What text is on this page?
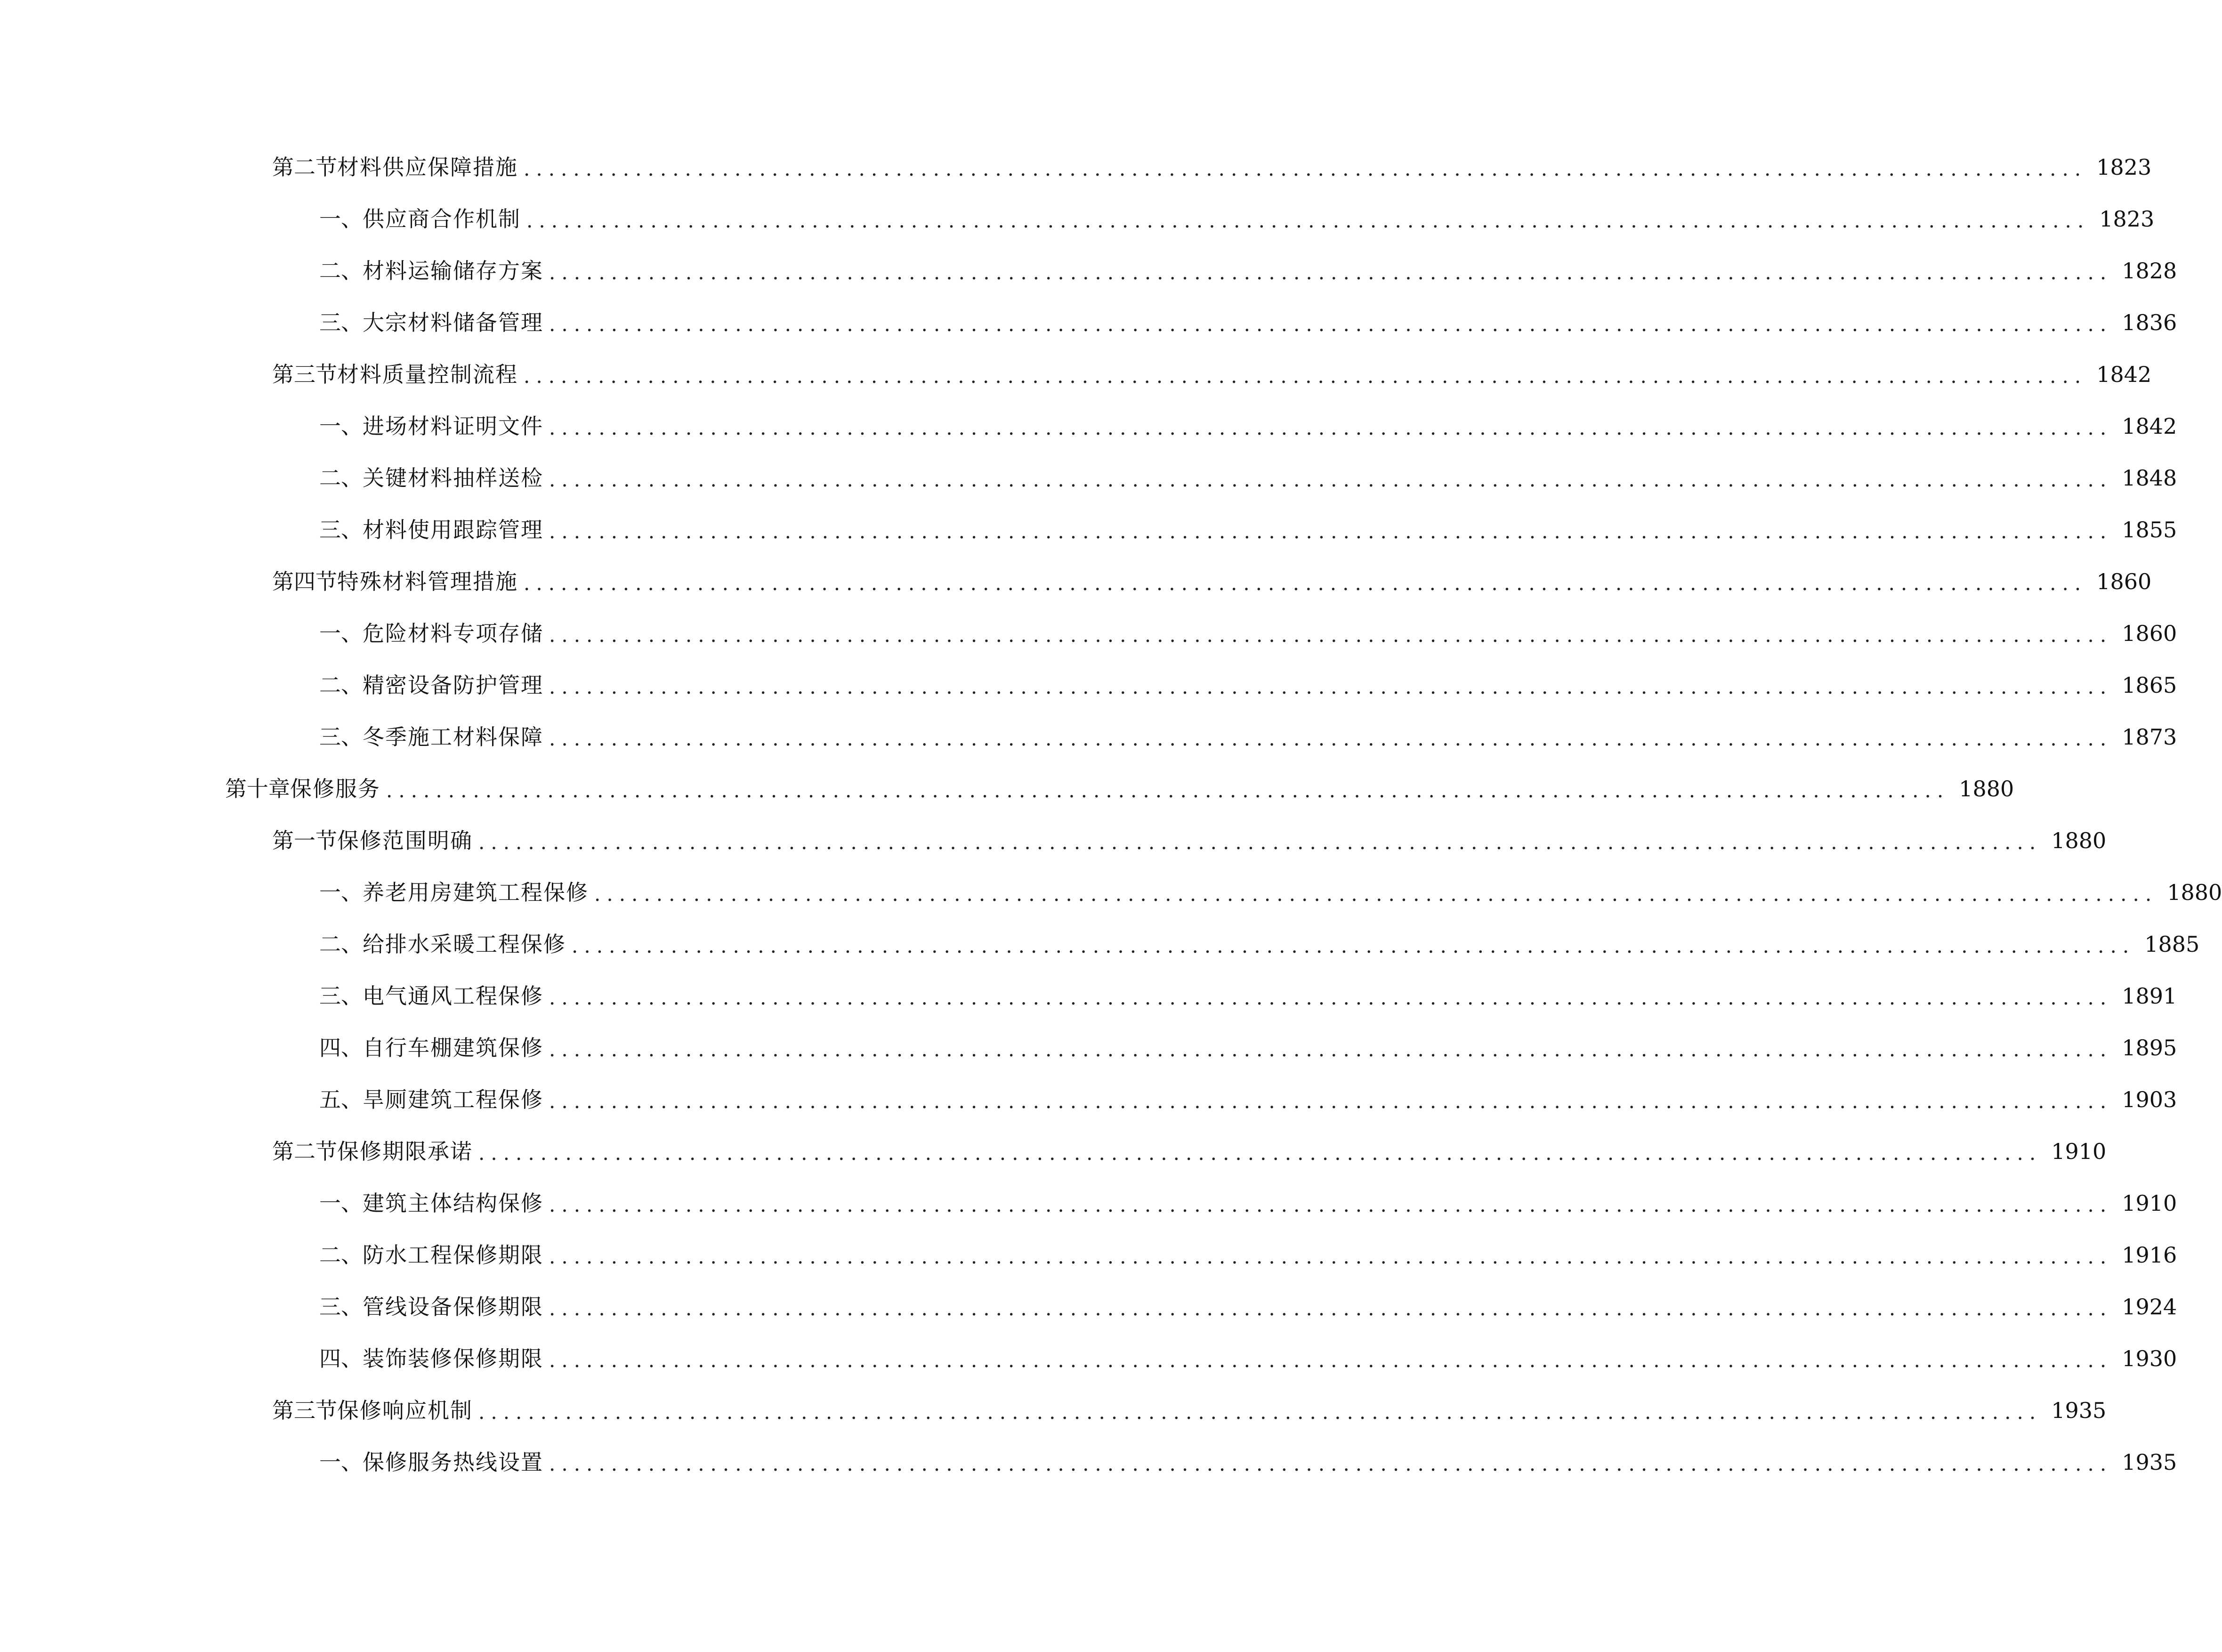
第二节 材料供应保障措施 .............................................................................................................................. 1823
一、 供应商合作机制 .............................................................................................................................. 1823
二、 材料运输储存方案 .............................................................................................................................. 1828
三、 大宗材料储备管理 .............................................................................................................................. 1836
第三节 材料质量控制流程 .............................................................................................................................. 1842
一、 进场材料证明文件 .............................................................................................................................. 1842
二、 关键材料抽样送检 .............................................................................................................................. 1848
三、 材料使用跟踪管理 .............................................................................................................................. 1855
第四节 特殊材料管理措施 .............................................................................................................................. 1860
一、 危险材料专项存储 .............................................................................................................................. 1860
二、 精密设备防护管理 .............................................................................................................................. 1865
三、 冬季施工材料保障 .............................................................................................................................. 1873
第十章 保修服务 .............................................................................................................................. 1880
第一节 保修范围明确 .............................................................................................................................. 1880
一、 养老用房建筑工程保修 .............................................................................................................................. 1880
二、 给排水采暖工程保修 .............................................................................................................................. 1885
三、 电气通风工程保修 .............................................................................................................................. 1891
四、 自行车棚建筑保修 .............................................................................................................................. 1895
五、 旱厕建筑工程保修 .............................................................................................................................. 1903
第二节 保修期限承诺 .............................................................................................................................. 1910
一、 建筑主体结构保修 .............................................................................................................................. 1910
二、 防水工程保修期限 .............................................................................................................................. 1916
三、 管线设备保修期限 .............................................................................................................................. 1924
四、 装饰装修保修期限 .............................................................................................................................. 1930
第三节 保修响应机制 .............................................................................................................................. 1935
一、 保修服务热线设置 .............................................................................................................................. 1935
